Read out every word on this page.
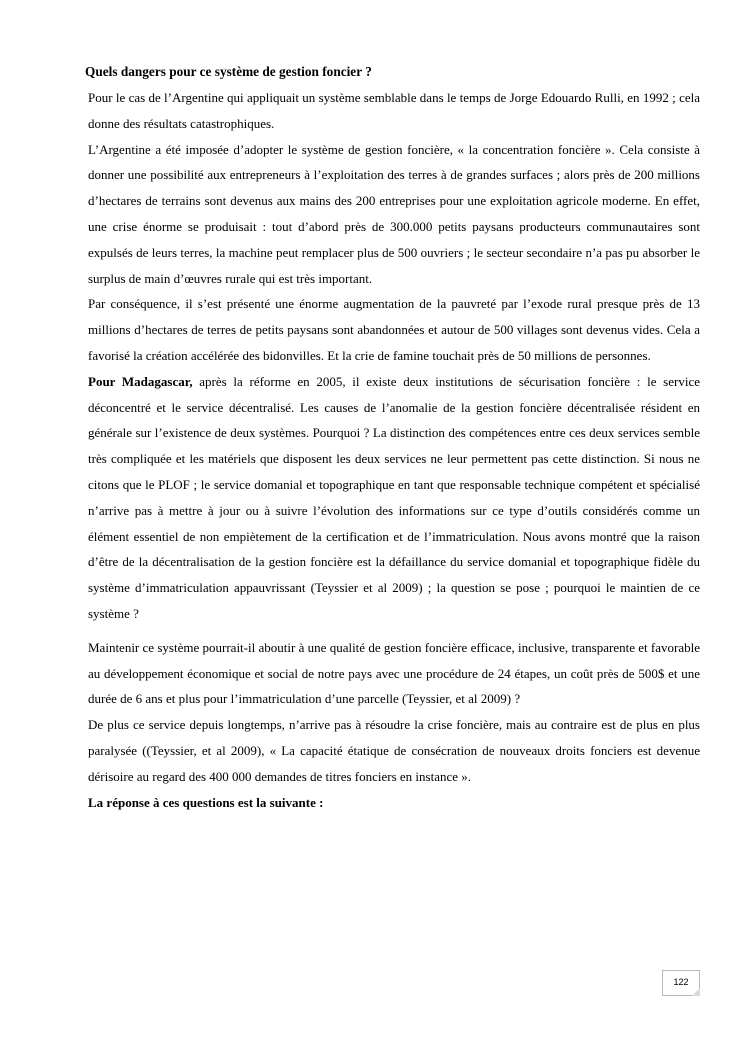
Quels dangers pour ce système de gestion foncier ?

Pour le cas de l’Argentine qui appliquait un système semblable dans le temps de Jorge Edouardo Rulli, en 1992 ; cela donne des résultats catastrophiques.

L’Argentine a été imposée d’adopter le système de gestion foncière, « la concentration foncière ». Cela consiste à donner une possibilité aux entrepreneurs à l’exploitation des terres à de grandes surfaces ; alors près de 200 millions d’hectares de terrains sont devenus aux mains des 200 entreprises pour une exploitation agricole moderne. En effet, une crise énorme se produisait : tout d’abord près de 300.000 petits paysans producteurs communautaires sont expulsés de leurs terres, la machine peut remplacer plus de 500 ouvriers ; le secteur secondaire n’a pas pu absorber le surplus de main d’œuvres rurale qui est très important.

Par conséquence, il s’est présenté une énorme augmentation de la pauvreté par l’exode rural presque près de 13 millions d’hectares de terres de petits paysans sont abandonnées et autour de 500 villages sont devenus vides. Cela a favorisé la création accélérée des bidonvilles. Et la crie de famine touchait près de 50 millions de personnes.

Pour Madagascar, après la réforme en 2005, il existe deux institutions de sécurisation foncière : le service déconcentré et le service décentralisé. Les causes de l’anomalie de la gestion foncière décentralisée résident en générale sur l’existence de deux systèmes. Pourquoi ? La distinction des compétences entre ces deux services semble très compliquée et les matériels que disposent les deux services ne leur permettent pas cette distinction. Si nous ne citons que le PLOF ; le service domanial et topographique en tant que responsable technique compétent et spécialisé n’arrive pas à mettre à jour ou à suivre l’évolution des informations sur ce type d’outils considérés comme un élément essentiel de non empiètement de la certification et de l’immatriculation. Nous avons montré que la raison d’être de la décentralisation de la gestion foncière est la défaillance du service domanial et topographique fidèle du système d’immatriculation appauvrissant (Teyssier et al 2009) ; la question se pose ; pourquoi le maintien de ce système ?

Maintenir ce système pourrait-il aboutir à une qualité de gestion foncière efficace, inclusive, transparente et favorable au développement économique et social de notre pays avec une procédure de 24 étapes, un coût près de 500$ et une durée de 6 ans et plus pour l’immatriculation d’une parcelle (Teyssier, et al 2009) ?

De plus ce service depuis longtemps, n’arrive pas à résoudre la crise foncière, mais au contraire est de plus en plus paralysée ((Teyssier, et al 2009), « La capacité étatique de consécration de nouveaux droits fonciers est devenue dérisoire au regard des 400 000 demandes de titres fonciers en instance ».

La réponse à ces questions est la suivante :

122
